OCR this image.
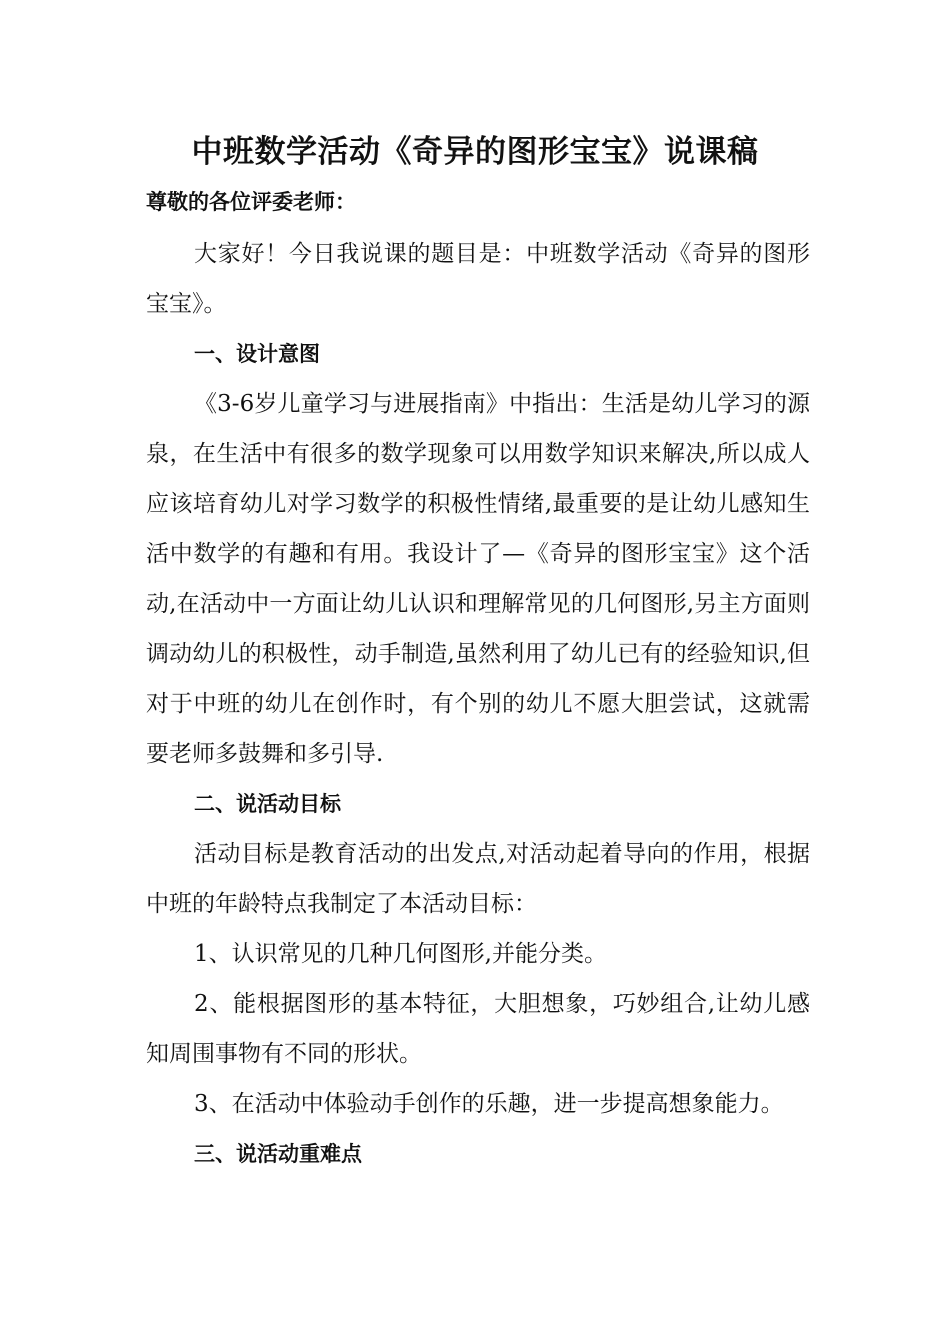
中班数学活动《奇异的图形宝宝》说课稿

尊敬的各位评委老师：

大家好！今日我说课的题目是：中班数学活动《奇异的图形宝宝》。

一、设计意图

《3-6岁儿童学习与进展指南》中指出：生活是幼儿学习的源泉，在生活中有很多的数学现象可以用数学知识来解决,所以成人应该培育幼儿对学习数学的积极性情绪,最重要的是让幼儿感知生活中数学的有趣和有用。我设计了—《奇异的图形宝宝》这个活动,在活动中一方面让幼儿认识和理解常见的几何图形,另主方面则调动幼儿的积极性，动手制造,虽然利用了幼儿已有的经验知识,但对于中班的幼儿在创作时，有个别的幼儿不愿大胆尝试，这就需要老师多鼓舞和多引导.

二、说活动目标

活动目标是教育活动的出发点,对活动起着导向的作用，根据中班的年龄特点我制定了本活动目标：

1、认识常见的几种几何图形,并能分类。

2、能根据图形的基本特征，大胆想象，巧妙组合,让幼儿感知周围事物有不同的形状。

3、在活动中体验动手创作的乐趣，进一步提高想象能力。

三、说活动重难点
